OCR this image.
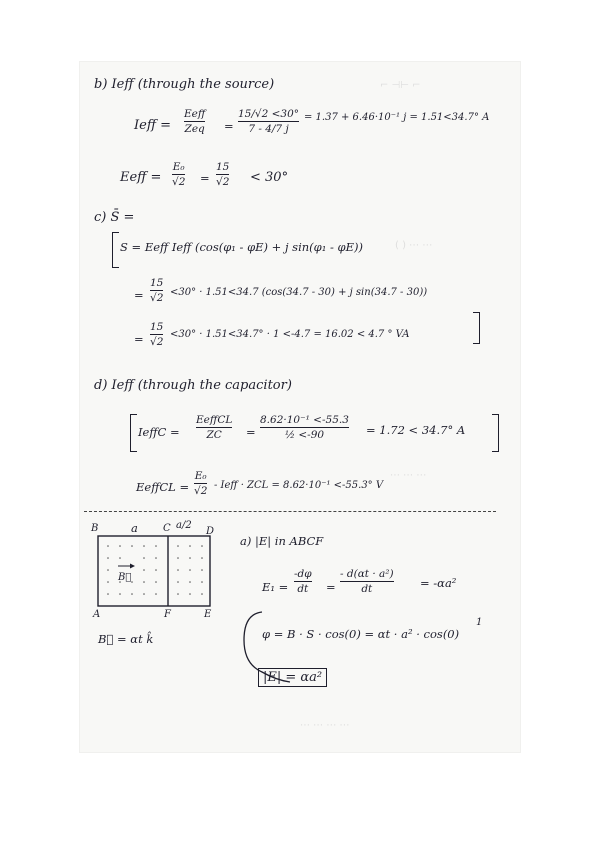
⌐ ⊣⊢ ⌐
( ) ⋯ ⋯
⋯ ⋯ ⋯
⋯ ⋯ ⋯ ⋯
b) Ieff (through the source)
Ieff =
Eeff
Zeq =
15/√2 <30°
7 - 4/7 j
= 1.37 + 6.46·10⁻¹ j = 1.51<34.7° A
Eeff =
E₀
√2 =
15
√2 < 30°
c) S̄ =
S = Eeff Ieff (cos(φ₁ - φE) + j sin(φ₁ - φE))
=
15
√2 <30° · 1.51<34.7 (cos(34.7 - 30) + j sin(34.7 - 30))
=
15
√2
<30° · 1.51<34.7° · 1 <-4.7 = 16.02 < 4.7 ° VA
d) Ieff (through the capacitor)
IeffC =
EeffCL
ZC =
8.62·10⁻¹ <-55.3
½ <-90	= 1.72 < 34.7° A
EeffCL =
E₀
√2 - Ieff · ZCL = 8.62·10⁻¹ <-55.3° V
B	a	C a/2
D
B⃗
A	F	E
B⃗ = αt k̂
a) |E| in ABCF
E₁ =
-dφ
dt =
- d(αt · a²)
dt	= -αa²
φ = B · S · cos(0) = αt · a² · cos(0)
1
|E| = αa²
